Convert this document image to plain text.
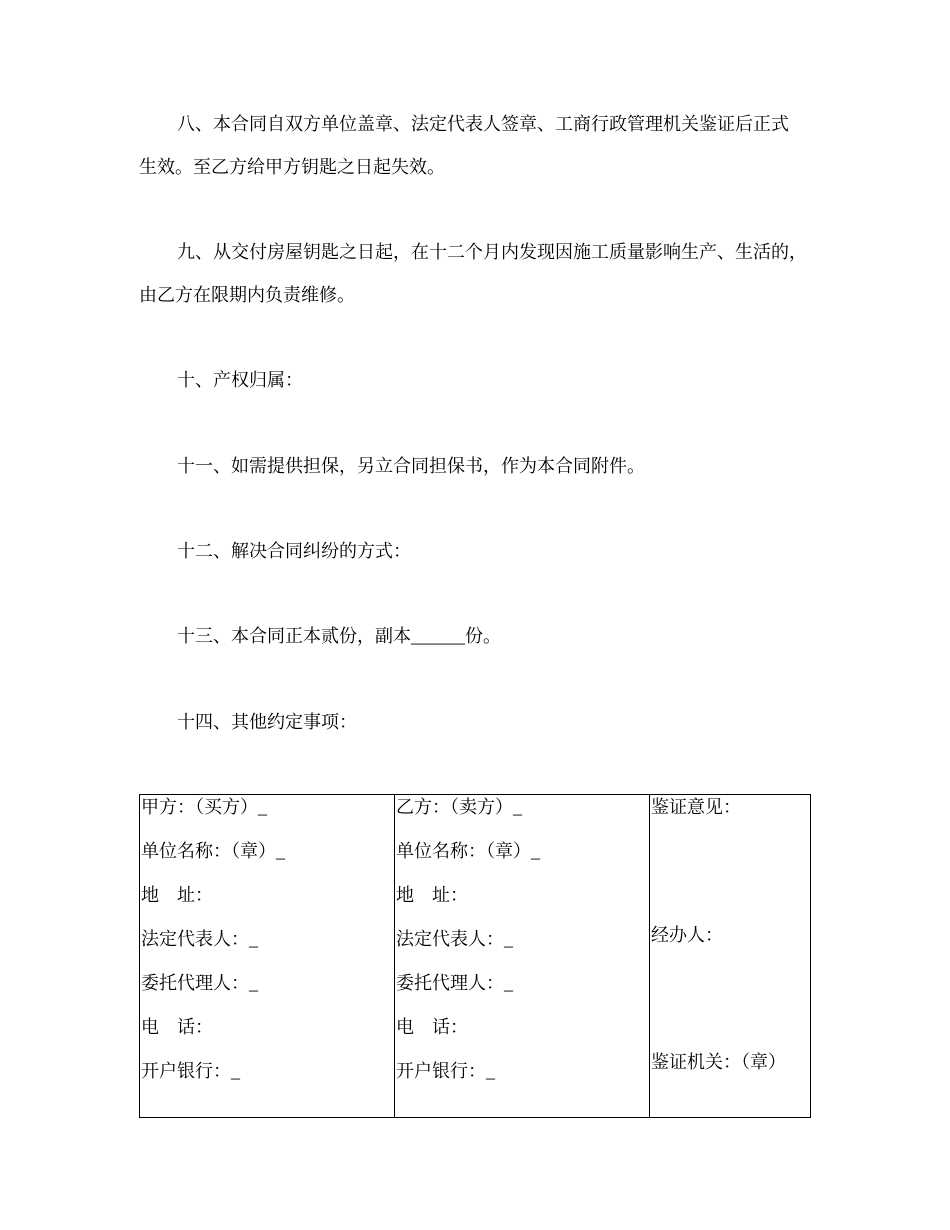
八、本合同自双方单位盖章、法定代表人签章、工商行政管理机关鉴证后正式
生效。至乙方给甲方钥匙之日起失效。

九、从交付房屋钥匙之日起，在十二个月内发现因施工质量影响生产、生活的，
由乙方在限期内负责维修。

十、产权归属：

十一、如需提供担保，另立合同担保书，作为本合同附件。

十二、解决合同纠纷的方式：

十三、本合同正本贰份，副本______份。

十四、其他约定事项：

甲方：（买方）_
单位名称：（章）_
地    址：
法定代表人：_
委托代理人：_
电    话：
开户银行：_
乙方：（卖方）_
单位名称：（章）_
地    址：
法定代表人：_
委托代理人：_
电    话：
开户银行：_
鉴证意见：
经办人：
鉴证机关：（章）
